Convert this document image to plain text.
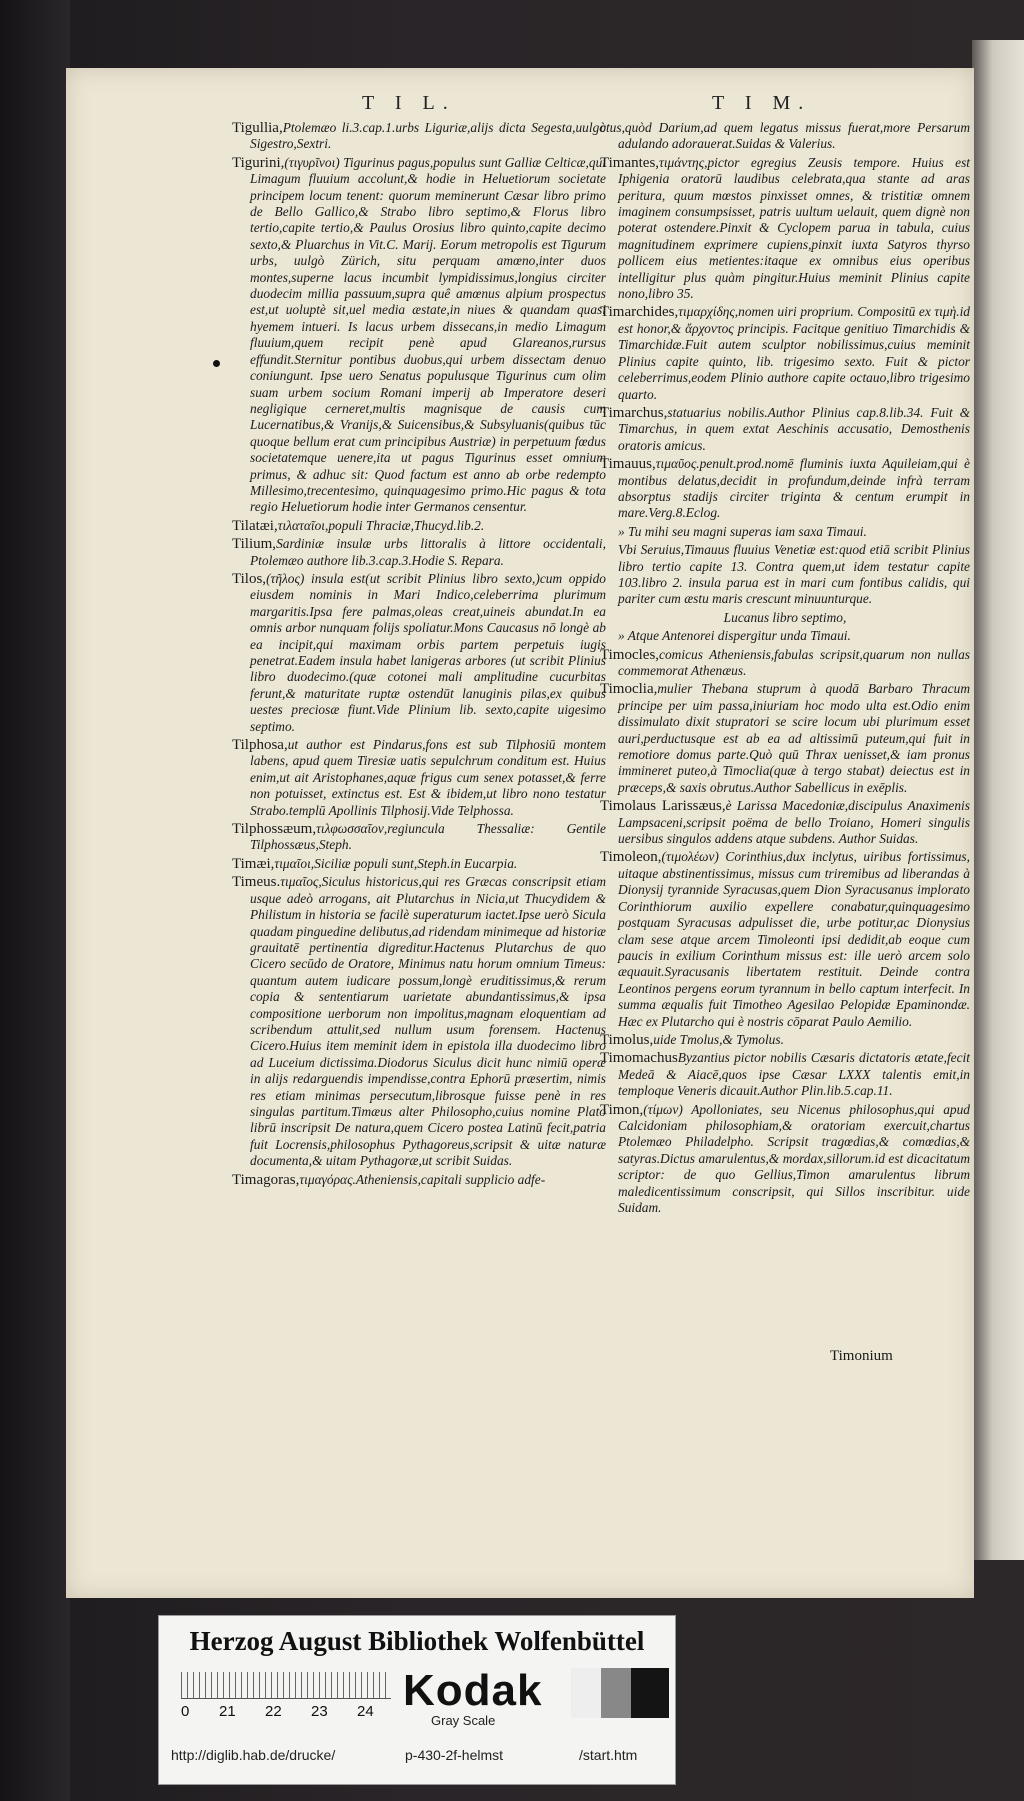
T I L.	T I M.

Tigullia,Ptolemæo li.3.cap.1.urbs Liguriæ,alijs dicta Segesta,uulgò Sigestro,Sextri.

Tigurini,(τιγυρῖνοι) Tigurinus pagus,populus sunt Galliæ Celticæ,qui Limagum fluuium accolunt,& hodie in Heluetiorum societate principem locum tenent: quorum meminerunt Cæsar libro primo de Bello Gallico,& Strabo libro septimo,& Florus libro tertio,capite tertio,& Paulus Orosius libro quinto,capite decimo sexto,& Pluarchus in Vit.C. Marij. Eorum metropolis est Tigurum urbs, uulgò Zürich, situ perquam amœno,inter duos montes,superne lacus incumbit lympidissimus,longius circiter duodecim millia passuum,supra quê amœnus alpium prospectus est,ut uoluptè sit,uel media æstate,in niues & quandam quasi hyemem intueri. Is lacus urbem dissecans,in medio Limagum fluuium,quem recipit penè apud Glareanos,rursus effundit.Sternitur pontibus duobus,qui urbem dissectam denuo coniungunt. Ipse uero Senatus populusque Tigurinus cum olim suam urbem socium Romani imperij ab Imperatore deseri negligique cerneret,multis magnisque de causis cum Lucernatibus,& Vranijs,& Suicensibus,& Subsyluanis(quibus tūc quoque bellum erat cum principibus Austriæ) in perpetuum fœdus societatemque uenere,ita ut pagus Tigurinus esset omnium primus, & adhuc sit: Quod factum est anno ab orbe redempto Millesimo,trecentesimo, quinquagesimo primo.Hic pagus & tota regio Heluetiorum hodie inter Germanos censentur.

Tilatæi,τιλαταῖοι,populi Thraciæ,Thucyd.lib.2.

Tilium,Sardiniæ insulæ urbs littoralis à littore occidentali, Ptolemæo authore lib.3.cap.3.Hodie S. Repara.

Tilos,(τῆλος) insula est(ut scribit Plinius libro sexto,)cum oppido eiusdem nominis in Mari Indico,celeberrima plurimum margaritis.Ipsa fere palmas,oleas creat,uineis abundat.In ea omnis arbor nunquam folijs spoliatur.Mons Caucasus nō longè ab ea incipit,qui maximam orbis partem perpetuis iugis penetrat.Eadem insula habet lanigeras arbores (ut scribit Plinius libro duodecimo.(quæ cotonei mali amplitudine cucurbitas ferunt,& maturitate ruptæ ostendūt lanuginis pilas,ex quibus uestes preciosæ fiunt.Vide Plinium lib. sexto,capite uigesimo septimo.

Tilphosa,ut author est Pindarus,fons est sub Tilphosiū montem labens, apud quem Tiresiæ uatis sepulchrum conditum est. Huius enim,ut ait Aristophanes,aquæ frigus cum senex potasset,& ferre non potuisset, extinctus est. Est & ibidem,ut libro nono testatur Strabo.templū Apollinis Tilphosij.Vide Telphossa.

Tilphossæum,τιλφωσσαῖον,regiuncula Thessaliæ: Gentile Tilphossæus,Steph.

Timæi,τιμαῖοι,Siciliæ populi sunt,Steph.in Eucarpia.

Timeus.τιμαῖος,Siculus historicus,qui res Græcas conscripsit etiam usque adeò arrogans, ait Plutarchus in Nicia,ut Thucydidem & Philistum in historia se facilè superaturum iactet.Ipse uerò Sicula quadam pinguedine delibutus,ad ridendam minimeque ad historiæ grauitatē pertinentia digreditur.Hactenus Plutarchus de quo Cicero secūdo de Oratore, Minimus natu horum omnium Timeus: quantum autem iudicare possum,longè eruditissimus,& rerum copia & sententiarum uarietate abundantissimus,& ipsa compositione uerborum non impolitus,magnam eloquentiam ad scribendum attulit,sed nullum usum forensem. Hactenus Cicero.Huius item meminit idem in epistola illa duodecimo libro ad Luceium dictissima.Diodorus Siculus dicit hunc nimiū operæ in alijs redarguendis impendisse,contra Ephorū præsertim, nimis res etiam minimas persecutum,librosque fuisse penè in res singulas partitum.Timæus alter Philosopho,cuius nomine Plato librū inscripsit De natura,quem Cicero postea Latinū fecit,patria fuit Locrensis,philosophus Pythagoreus,scripsit & uitæ naturæ documenta,& uitam Pythagoræ,ut scribit Suidas.

Timagoras,τιμαγόρας.Atheniensis,capitali supplicio adfe-

ctus,quòd Darium,ad quem legatus missus fuerat,more Persarum adulando adorauerat.Suidas & Valerius.

Timantes,τιμάντης,pictor egregius Zeusis tempore. Huius est Iphigenia oratorū laudibus celebrata,qua stante ad aras peritura, quum mœstos pinxisset omnes, & tristitiæ omnem imaginem consumpsisset, patris uultum uelauit, quem dignè non poterat ostendere.Pinxit & Cyclopem parua in tabula, cuius magnitudinem exprimere cupiens,pinxit iuxta Satyros thyrso pollicem eius metientes:itaque ex omnibus eius operibus intelligitur plus quàm pingitur.Huius meminit Plinius capite nono,libro 35.

Timarchides,τιμαρχίδης,nomen uiri proprium. Compositū ex τιμὴ.id est honor,& ἄρχοντος principis. Facitque genitiuo Timarchidis & Timarchidæ.Fuit autem sculptor nobilissimus,cuius meminit Plinius capite quinto, lib. trigesimo sexto. Fuit & pictor celeberrimus,eodem Plinio authore capite octauo,libro trigesimo quarto.

Timarchus,statuarius nobilis.Author Plinius cap.8.lib.34. Fuit & Timarchus, in quem extat Aeschinis accusatio, Demosthenis oratoris amicus.

Timauus,τιμαῦος.penult.prod.nomē fluminis iuxta Aquileiam,qui è montibus delatus,decidit in profundum,deinde infrà terram absorptus stadijs circiter triginta & centum erumpit in mare.Verg.8.Eclog.

» Tu mihi seu magni superas iam saxa Timaui.

Vbi Seruius,Timauus fluuius Venetiæ est:quod etiā scribit Plinius libro tertio capite 13. Contra quem,ut idem testatur capite 103.libro 2. insula parua est in mari cum fontibus calidis, qui pariter cum æstu maris crescunt minuunturque.

Lucanus libro septimo,

» Atque Antenorei dispergitur unda Timaui.

Timocles,comicus Atheniensis,fabulas scripsit,quarum non nullas commemorat Athenæus.

Timoclia,mulier Thebana stuprum à quodā Barbaro Thracum principe per uim passa,iniuriam hoc modo ulta est.Odio enim dissimulato dixit stupratori se scire locum ubi plurimum esset auri,perductusque est ab ea ad altissimū puteum,qui fuit in remotiore domus parte.Quò quū Thrax uenisset,& iam pronus immineret puteo,à Timoclia(quæ à tergo stabat) deiectus est in præceps,& saxis obrutus.Author Sabellicus in exēplis.

Timolaus Larissæus,è Larissa Macedoniæ,discipulus Anaximenis Lampsaceni,scripsit poëma de bello Troiano, Homeri singulis uersibus singulos addens atque subdens. Author Suidas.

Timoleon,(τιμολέων) Corinthius,dux inclytus, uiribus fortissimus, uitaque abstinentissimus, missus cum triremibus ad liberandas à Dionysij tyrannide Syracusas,quem Dion Syracusanus implorato Corinthiorum auxilio expellere conabatur,quinquagesimo postquam Syracusas adpulisset die, urbe potitur,ac Dionysius clam sese atque arcem Timoleonti ipsi dedidit,ab eoque cum paucis in exilium Corinthum missus est: ille uerò arcem solo æquauit.Syracusanis libertatem restituit. Deinde contra Leontinos pergens eorum tyrannum in bello captum interfecit. In summa æqualis fuit Timotheo Agesilao Pelopidæ Epaminondæ. Hæc ex Plutarcho qui è nostris cōparat Paulo Aemilio.

Timolus,uide Tmolus,& Tymolus.

TimomachusByzantius pictor nobilis Cæsaris dictatoris ætate,fecit Medeā & Aiacē,quos ipse Cæsar LXXX talentis emit,in temploque Veneris dicauit.Author Plin.lib.5.cap.11.

Timon,(τίμων) Apolloniates, seu Nicenus philosophus,qui apud Calcidoniam philosophiam,& oratoriam exercuit,chartus Ptolemæo Philadelpho. Scripsit tragœdias,& comœdias,& satyras.Dictus amarulentus,& mordax,sillorum.id est dicacitatum scriptor: de quo Gellius,Timon amarulentus librum maledicentissimum conscripsit, qui Sillos inscribitur. uide Suidam.

Timonium
Herzog August Bibliothek Wolfenbüttel
0 21 22 23 24 Kodak
Gray Scale
http://diglib.hab.de/drucke/	p-430-2f-helmst	/start.htm
